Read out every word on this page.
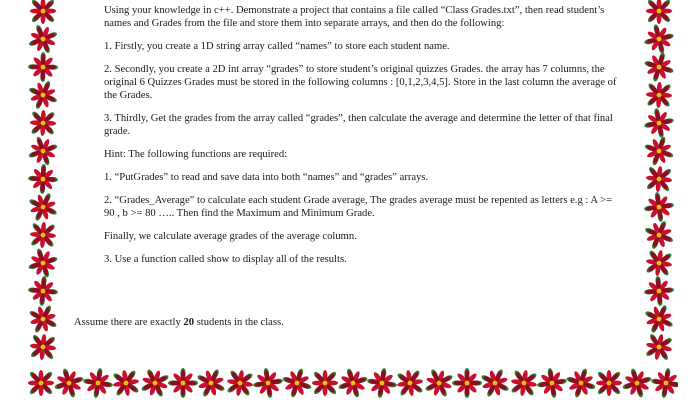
Using your knowledge in c++. Demonstrate a project that contains a file called “Class Grades.txt”, then read student’s names and Grades from the file and store them into separate arrays, and then do the following:

1. Firstly, you create a 1D string array called “names” to store each student name.

2. Secondly, you create a 2D int array “grades” to store student’s original quizzes Grades. the array has 7 columns, the original 6 Quizzes Grades must be stored in the following columns : [0,1,2,3,4,5]. Store in the last column the average of the Grades.

3. Thirdly, Get the grades from the array called “grades”, then calculate the average and determine the letter of that final grade.

Hint: The following functions are required:

1. “PutGrades” to read and save data into both “names” and “grades” arrays.

2. “Grades_Average” to calculate each student Grade average, The grades average must be repented as letters e.g : A >= 90 , b >= 80 ….. Then find the Maximum and Minimum Grade.

Finally, we calculate average grades of the average column.

3. Use a function called show to display all of the results.

Assume there are exactly 20 students in the class.
